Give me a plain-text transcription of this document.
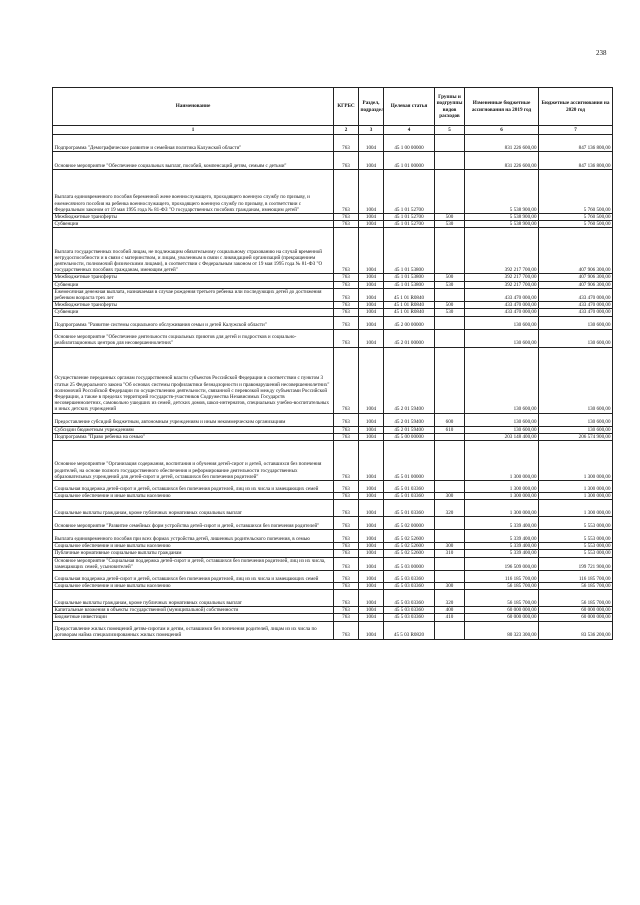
238
Наименование	КГРБС	Раздел, подраздел	Целевая статья	Группы и подгруппы видов расходов	Измененные бюджетные ассигнования на 2019 год	Бюджетные ассигнования на 2020 год
1	2	3	4	5	6	7
Подпрограмма "Демографическое развитие и семейная политика Калужской области"	763	1004	45 1 00 00000		831 226 600,00	847 136 800,00
Основное мероприятие "Обеспечение социальных выплат, пособий, компенсаций детям, семьям с детьми"	763	1004	45 1 01 00000		831 226 600,00	847 136 800,00
Выплата единовременного пособия беременной жене военнослужащего, проходящего военную службу по призыву, и ежемесячного пособия на ребенка военнослужащего, проходящего военную службу по призыву, в соответствии с Федеральным законом от 19 мая 1995 года № 81-ФЗ "О государственных пособиях гражданам, имеющим детей"	763	1004	45 1 01 52700		5 538 900,00	5 760 500,00
Межбюджетные трансферты	763	1004	45 1 01 52700	500	5 538 900,00	5 760 500,00
Субвенции	763	1004	45 1 01 52700	530	5 538 900,00	5 760 500,00
Выплата государственных пособий лицам, не подлежащим обязательному социальному страхованию на случай временной нетрудоспособности и в связи с материнством, и лицам, уволенным в связи с ликвидацией организаций (прекращением деятельности, полномочий физическими лицами), в соответствии с Федеральным законом от 19 мая 1995 года № 81-ФЗ "О государственных пособиях гражданам, имеющим детей"	763	1004	45 1 01 53800		392 217 700,00	407 906 300,00
Межбюджетные трансферты	763	1004	45 1 01 53800	500	392 217 700,00	407 906 300,00
Субвенции	763	1004	45 1 01 53800	530	392 217 700,00	407 906 300,00
Ежемесячная денежная выплата, назначаемая в случае рождения третьего ребенка или последующих детей до достижения ребенком возраста трех лет	763	1004	45 1 01 R0840		433 470 000,00	433 470 000,00
Межбюджетные трансферты	763	1004	45 1 01 R0840	500	433 470 000,00	433 470 000,00
Субвенции	763	1004	45 1 01 R0840	530	433 470 000,00	433 470 000,00
Подпрограмма "Развитие системы социального обслуживания семьи и детей Калужской области"	763	1004	45 2 00 00000		130 600,00	130 600,00
Основное мероприятие "Обеспечение деятельности социальных приютов для детей и подростков и социально-реабилитационных центров для несовершеннолетних"	763	1004	45 2 01 00000		130 600,00	130 600,00
Осуществление переданных органам государственной власти субъектов Российской Федерации в соответствии с пунктом 3 статьи 25 Федерального закона "Об основах системы профилактики безнадзорности и правонарушений несовершеннолетних" полномочий Российской Федерации по осуществлению деятельности, связанной с перевозкой между субъектами Российской Федерации, а также в пределах территорий государств-участников Содружества Независимых Государств несовершеннолетних, самовольно ушедших из семей, детских домов, школ-интернатов, специальных учебно-воспитательных и иных детских учреждений	763	1004	45 2 01 59400		130 600,00	130 600,00
Предоставление субсидий бюджетным, автономным учреждениям и иным некоммерческим организациям	763	1004	45 2 01 59400	600	130 600,00	130 600,00
Субсидии бюджетным учреждениям	763	1004	45 2 01 59400	610	130 600,00	130 600,00
Подпрограмма "Право ребенка на семью"	763	1004	45 5 00 00000		203 148 400,00	206 574 900,00
Основное мероприятие "Организация содержания, воспитания и обучения детей-сирот и детей, оставшихся без попечения родителей, на основе полного государственного обеспечения и реформирование деятельности государственных образовательных учреждений для детей-сирот и детей, оставшихся без попечения родителей"	763	1004	45 5 01 00000		1 300 000,00	1 300 000,00
Социальная поддержка детей-сирот и детей, оставшихся без попечения родителей, лиц из их числа и замещающих семей	763	1004	45 5 01 03360		1 300 000,00	1 300 000,00
Социальное обеспечение и иные выплаты населению	763	1004	45 5 01 03360	300	1 300 000,00	1 300 000,00
Социальные выплаты гражданам, кроме публичных нормативных социальных выплат	763	1004	45 5 01 03360	320	1 300 000,00	1 300 000,00
Основное мероприятие "Развитие семейных форм устройства детей-сирот и детей, оставшихся без попечения родителей"	763	1004	45 5 02 00000		5 339 400,00	5 553 000,00
Выплата единовременного пособия при всех формах устройства детей, лишенных родительского попечения, в семью	763	1004	45 5 02 52600		5 339 400,00	5 553 000,00
Социальное обеспечение и иные выплаты населению	763	1004	45 5 02 52600	300	5 339 400,00	5 553 000,00
Публичные нормативные социальные выплаты гражданам	763	1004	45 5 02 52600	310	5 339 400,00	5 553 000,00
Основное мероприятие "Социальная поддержка детей-сирот и детей, оставшихся без попечения родителей, лиц из их числа, замещающих семей, усыновителей"	763	1004	45 5 03 00000		196 509 000,00	199 721 900,00
Социальная поддержка детей-сирот и детей, оставшихся без попечения родителей, лиц из их числа и замещающих семей	763	1004	45 5 03 03360		116 185 700,00	116 185 700,00
Социальное обеспечение и иные выплаты населению	763	1004	45 5 03 03360	300	56 185 700,00	56 185 700,00
Социальные выплаты гражданам, кроме публичных нормативных социальных выплат	763	1004	45 5 03 03360	320	56 185 700,00	56 185 700,00
Капитальные вложения в объекты государственной (муниципальной) собственности	763	1004	45 5 03 03360	400	60 000 000,00	60 000 000,00
Бюджетные инвестиции	763	1004	45 5 03 03360	410	60 000 000,00	60 000 000,00
Предоставление жилых помещений детям-сиротам и детям, оставшимся без попечения родителей, лицам из их числа по договорам найма специализированных жилых помещений	763	1004	45 5 03 R0820		80 323 300,00	83 536 200,00
